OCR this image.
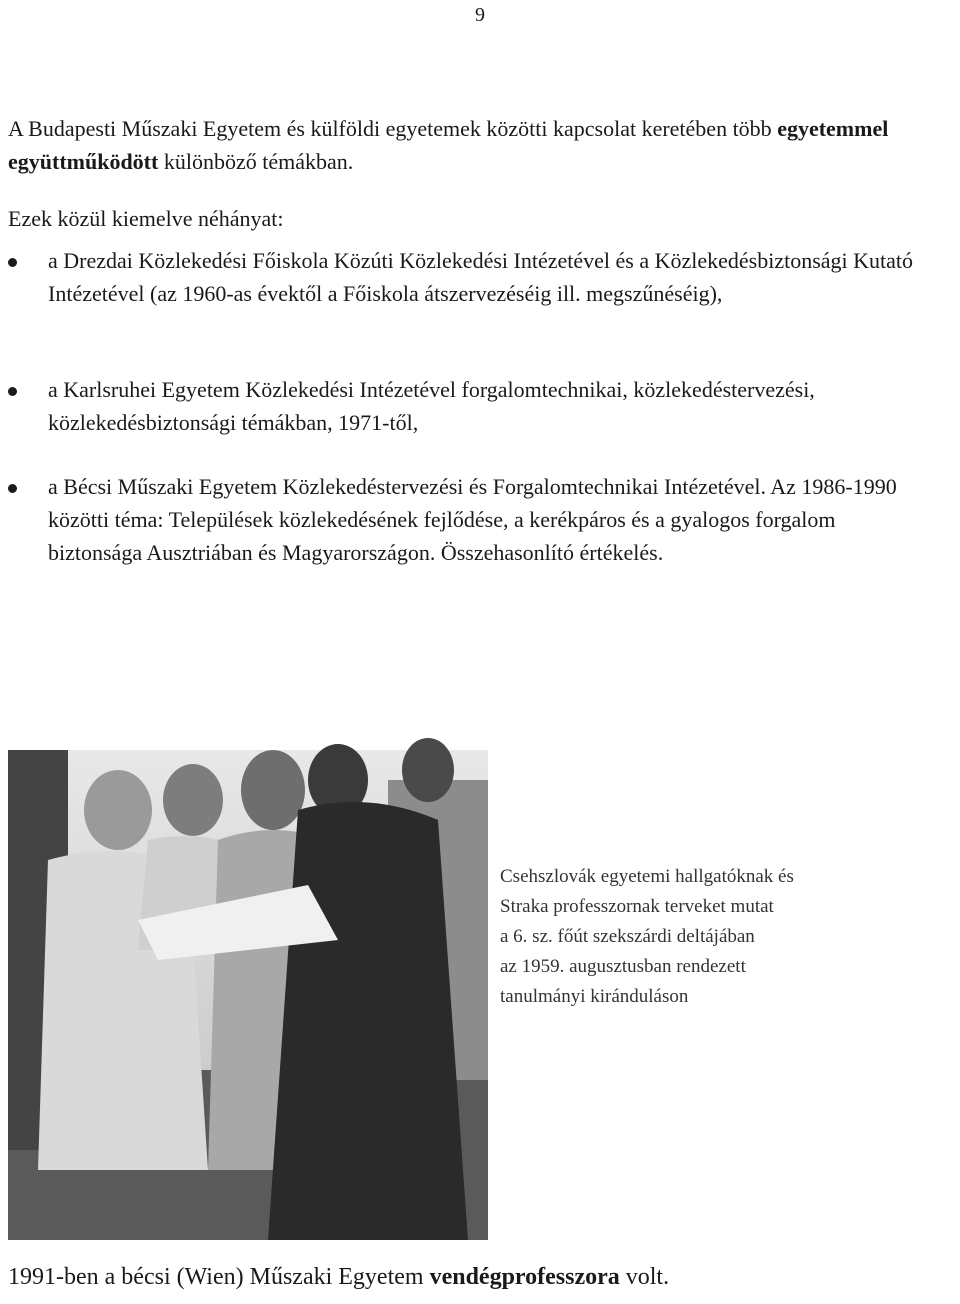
9

A Budapesti Műszaki Egyetem és külföldi egyetemek közötti kapcsolat keretében több egyetemmel együttműködött különböző témákban.

Ezek közül kiemelve néhányat:

a Drezdai Közlekedési Főiskola Közúti Közlekedési Intézetével és a Közlekedésbiztonsági Kutató Intézetével (az 1960-as évektől a Főiskola átszervezéséig ill. megszűnéséig),

a Karlsruhei Egyetem Közlekedési Intézetével forgalomtechnikai, közlekedéstervezési, közlekedésbiztonsági témákban, 1971-től,

a Bécsi Műszaki Egyetem Közlekedéstervezési és Forgalomtechnikai Intézetével. Az 1986-1990 közötti téma: Települések közlekedésének fejlődése, a kerékpáros és a gyalogos forgalom biztonsága Ausztriában és Magyarországon. Összehasonlító értékelés.

Csehszlovák egyetemi hallgatóknak és
Straka professzornak terveket mutat
a 6. sz. főút szekszárdi deltájában
az 1959. augusztusban rendezett
tanulmányi kiránduláson

1991-ben a bécsi (Wien) Műszaki Egyetem vendégprofesszora volt.
